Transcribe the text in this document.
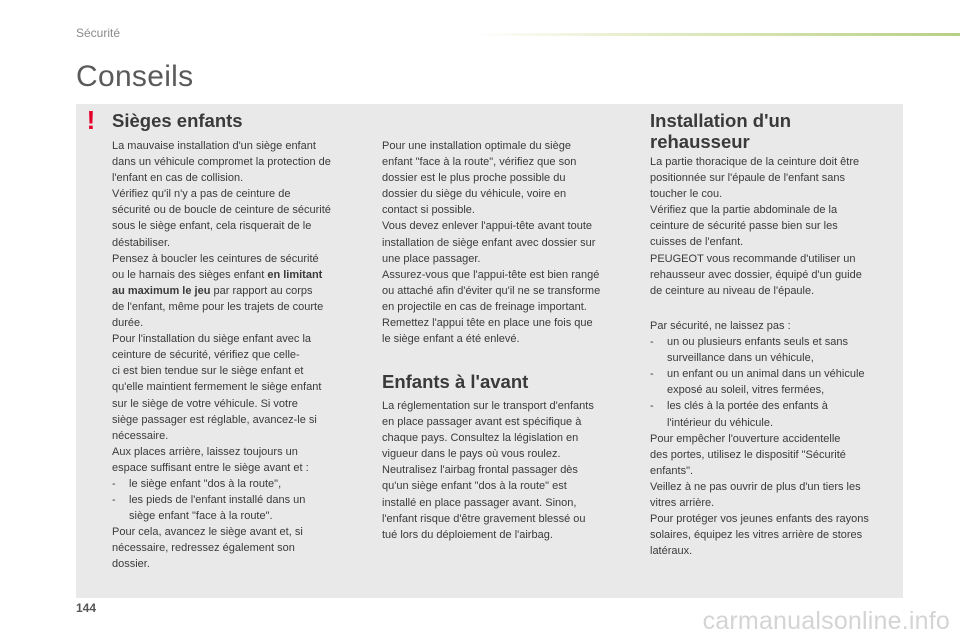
Sécurité
Conseils
! Sièges enfants

La mauvaise installation d'un siège enfant

dans un véhicule compromet la protection de

l'enfant en cas de collision.

Vérifiez qu'il n'y a pas de ceinture de

sécurité ou de boucle de ceinture de sécurité

sous le siège enfant, cela risquerait de le

déstabiliser.

Pensez à boucler les ceintures de sécurité

ou le harnais des sièges enfant en limitant

au maximum le jeu par rapport au corps

de l'enfant, même pour les trajets de courte

durée.

Pour l'installation du siège enfant avec la

ceinture de sécurité, vérifiez que celle-

ci est bien tendue sur le siège enfant et

qu'elle maintient fermement le siège enfant

sur le siège de votre véhicule. Si votre

siège passager est réglable, avancez-le si

nécessaire.

Aux places arrière, laissez toujours un

espace suffisant entre le siège avant et :

- le siège enfant "dos à la route",

- les pieds de l'enfant installé dans un

siège enfant "face à la route".

Pour cela, avancez le siège avant et, si

nécessaire, redressez également son

dossier.

Pour une installation optimale du siège

enfant "face à la route", vérifiez que son

dossier est le plus proche possible du

dossier du siège du véhicule, voire en

contact si possible.

Vous devez enlever l'appui-tête avant toute

installation de siège enfant avec dossier sur

une place passager.

Assurez-vous que l'appui-tête est bien rangé

ou attaché afin d'éviter qu'il ne se transforme

en projectile en cas de freinage important.

Remettez l'appui tête en place une fois que

le siège enfant a été enlevé.

Enfants à l'avant

La réglementation sur le transport d'enfants

en place passager avant est spécifique à

chaque pays. Consultez la législation en

vigueur dans le pays où vous roulez.

Neutralisez l'airbag frontal passager dès

qu'un siège enfant "dos à la route" est

installé en place passager avant. Sinon,

l'enfant risque d'être gravement blessé ou

tué lors du déploiement de l'airbag.

Installation d'un
rehausseur

La partie thoracique de la ceinture doit être

positionnée sur l'épaule de l'enfant sans

toucher le cou.

Vérifiez que la partie abdominale de la

ceinture de sécurité passe bien sur les

cuisses de l'enfant.

PEUGEOT vous recommande d'utiliser un

rehausseur avec dossier, équipé d'un guide

de ceinture au niveau de l'épaule.

Par sécurité, ne laissez pas :

- un ou plusieurs enfants seuls et sans

surveillance dans un véhicule,

- un enfant ou un animal dans un véhicule

exposé au soleil, vitres fermées,

- les clés à la portée des enfants à

l'intérieur du véhicule.

Pour empêcher l'ouverture accidentelle

des portes, utilisez le dispositif "Sécurité

enfants".

Veillez à ne pas ouvrir de plus d'un tiers les

vitres arrière.

Pour protéger vos jeunes enfants des rayons

solaires, équipez les vitres arrière de stores

latéraux.

144	carmanualsonline.info
